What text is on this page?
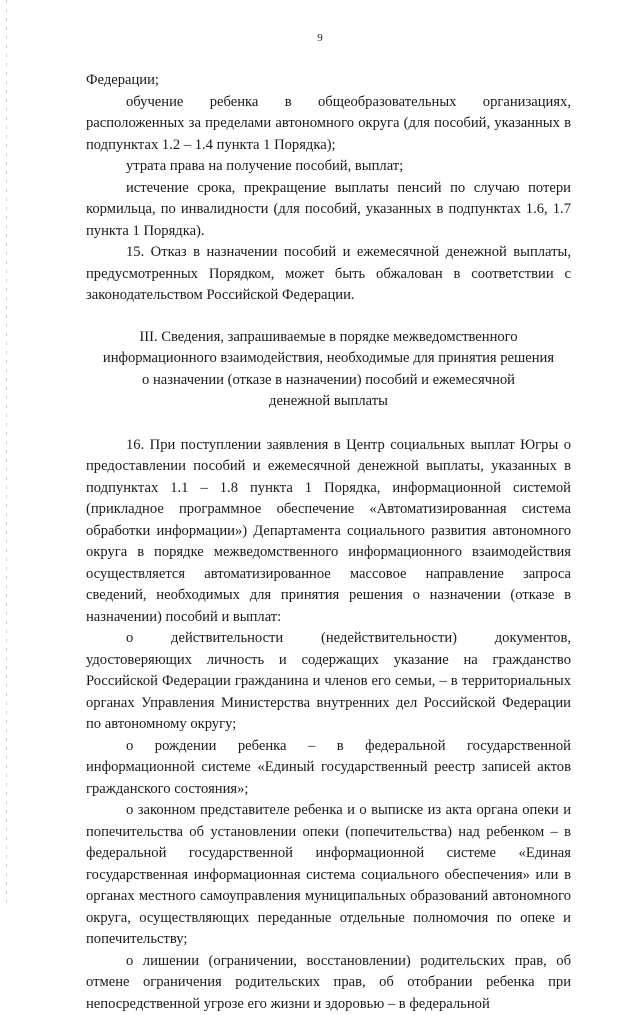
9

Федерации;

обучение ребенка в общеобразовательных организациях, расположенных за пределами автономного округа (для пособий, указанных в подпунктах 1.2 – 1.4 пункта 1 Порядка);

утрата права на получение пособий, выплат;

истечение срока, прекращение выплаты пенсий по случаю потери кормильца, по инвалидности (для пособий, указанных в подпунктах 1.6, 1.7 пункта 1 Порядка).

15. Отказ в назначении пособий и ежемесячной денежной выплаты, предусмотренных Порядком, может быть обжалован в соответствии с законодательством Российской Федерации.

III. Сведения, запрашиваемые в порядке межведомственного
информационного взаимодействия, необходимые для принятия решения
о назначении (отказе в назначении) пособий и ежемесячной
денежной выплаты

16. При поступлении заявления в Центр социальных выплат Югры о предоставлении пособий и ежемесячной денежной выплаты, указанных в подпунктах 1.1 – 1.8 пункта 1 Порядка, информационной системой (прикладное программное обеспечение «Автоматизированная система обработки информации») Департамента социального развития автономного округа в порядке межведомственного информационного взаимодействия осуществляется автоматизированное массовое направление запроса сведений, необходимых для принятия решения о назначении (отказе в назначении) пособий и выплат:

о действительности (недействительности) документов, удостоверяющих личность и содержащих указание на гражданство Российской Федерации гражданина и членов его семьи, – в территориальных органах Управления Министерства внутренних дел Российской Федерации по автономному округу;

о рождении ребенка – в федеральной государственной информационной системе «Единый государственный реестр записей актов гражданского состояния»;

о законном представителе ребенка и о выписке из акта органа опеки и попечительства об установлении опеки (попечительства) над ребенком – в федеральной государственной информационной системе «Единая государственная информационная система социального обеспечения» или в органах местного самоуправления муниципальных образований автономного округа, осуществляющих переданные отдельные полномочия по опеке и попечительству;

о лишении (ограничении, восстановлении) родительских прав, об отмене ограничения родительских прав, об отобрании ребенка при непосредственной угрозе его жизни и здоровью – в федеральной
